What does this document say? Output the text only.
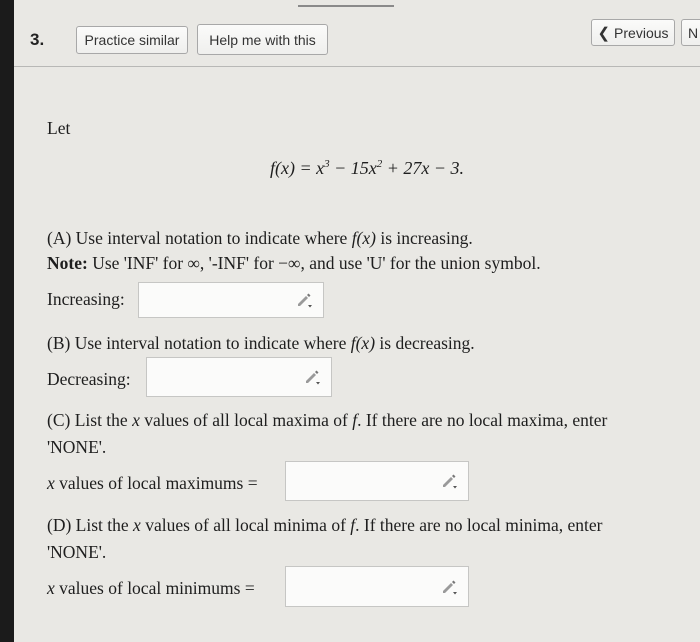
3.	Practice similar Help me with this	❮ Previous N
Let
$f(x) = x^3 - 15x^2 + 27x - 3$.
(A) Use interval notation to indicate where f(x) is increasing.
Note: Use 'INF' for ∞, '-INF' for −∞, and use 'U' for the union symbol.
Increasing:
(B) Use interval notation to indicate where f(x) is decreasing.
Decreasing:
(C) List the x values of all local maxima of f. If there are no local maxima, enter
'NONE'.
x values of local maximums =
(D) List the x values of all local minima of f. If there are no local minima, enter
'NONE'.
x values of local minimums =
